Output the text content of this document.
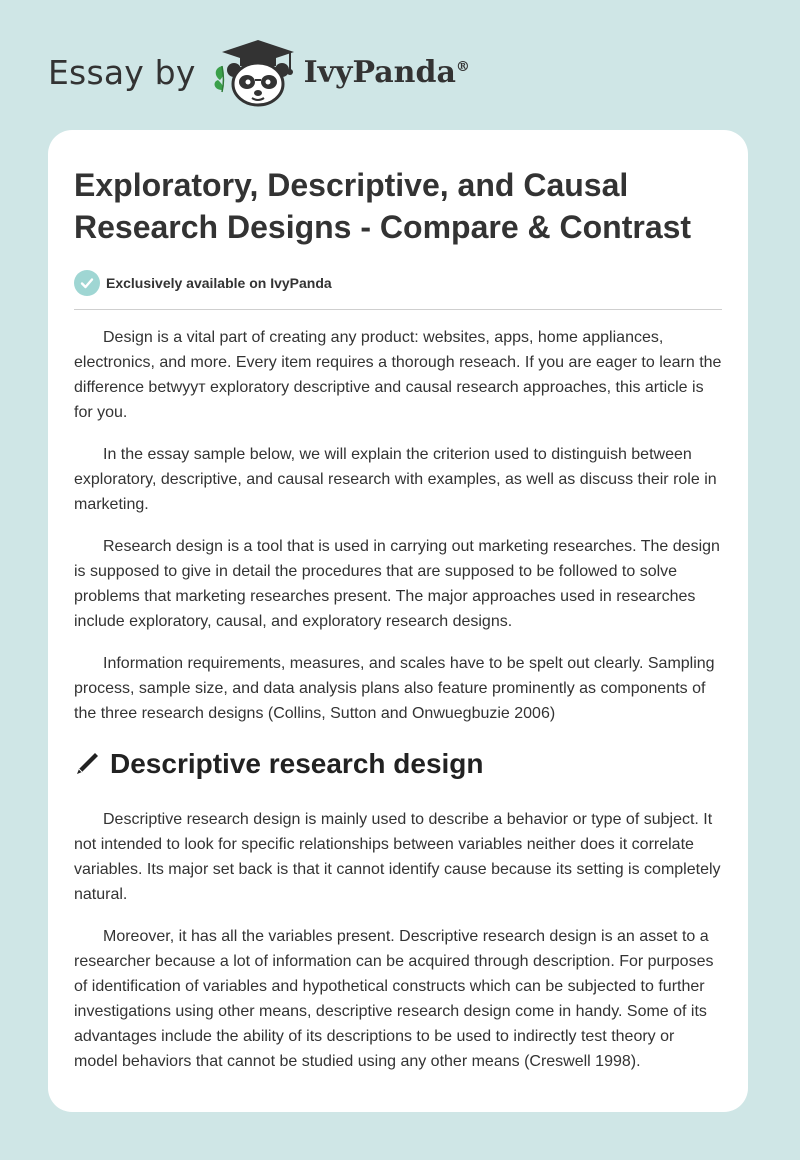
Essay by	IvyPanda®
Exploratory, Descriptive, and Causal Research Designs - Compare & Contrast
Exclusively available on IvyPanda

Design is a vital part of creating any product: websites, apps, home appliances, electronics, and more. Every item requires a thorough reseach. If you are eager to learn the difference betwyyт exploratory descriptive and causal research approaches, this article is for you.

In the essay sample below, we will explain the criterion used to distinguish between exploratory, descriptive, and causal research with examples, as well as discuss their role in marketing.

Research design is a tool that is used in carrying out marketing researches. The design is supposed to give in detail the procedures that are supposed to be followed to solve problems that marketing researches present. The major approaches used in researches include exploratory, causal, and exploratory research designs.

Information requirements, measures, and scales have to be spelt out clearly. Sampling process, sample size, and data analysis plans also feature prominently as components of the three research designs (Collins, Sutton and Onwuegbuzie 2006)

Descriptive research design

Descriptive research design is mainly used to describe a behavior or type of subject. It not intended to look for specific relationships between variables neither does it correlate variables. Its major set back is that it cannot identify cause because its setting is completely natural.

Moreover, it has all the variables present. Descriptive research design is an asset to a researcher because a lot of information can be acquired through description. For purposes of identification of variables and hypothetical constructs which can be subjected to further investigations using other means, descriptive research design come in handy. Some of its advantages include the ability of its descriptions to be used to indirectly test theory or model behaviors that cannot be studied using any other means (Creswell 1998).
